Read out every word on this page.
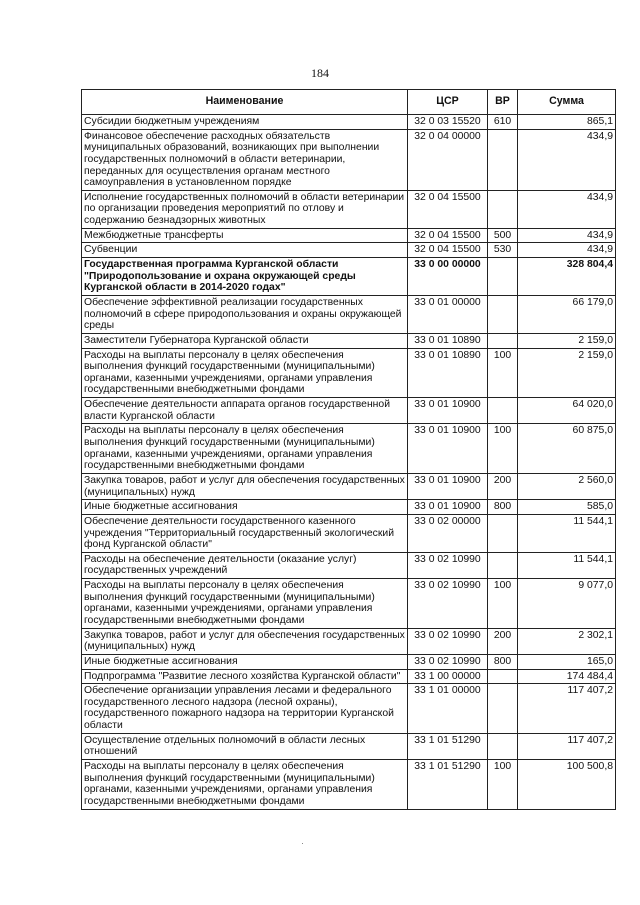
184
Наименование	ЦСР	ВР	Сумма
Субсидии бюджетным учреждениям	32 0 03 15520	610	865,1
Финансовое обеспечение расходных обязательств муниципальных образований, возникающих при выполнении государственных полномочий в области ветеринарии, переданных для осуществления органам местного самоуправления в установленном порядке	32 0 04 00000		434,9
Исполнение государственных полномочий в области ветеринарии по организации проведения мероприятий по отлову и содержанию безнадзорных животных	32 0 04 15500		434,9
Межбюджетные трансферты	32 0 04 15500	500	434,9
Субвенции	32 0 04 15500	530	434,9
Государственная программа Курганской области "Природопользование и охрана окружающей среды Курганской области в 2014-2020 годах"	33 0 00 00000		328 804,4
Обеспечение эффективной реализации государственных полномочий в сфере природопользования и охраны окружающей среды	33 0 01 00000		66 179,0
Заместители Губернатора Курганской области	33 0 01 10890		2 159,0
Расходы на выплаты персоналу в целях обеспечения выполнения функций государственными (муниципальными) органами, казенными учреждениями, органами управления государственными внебюджетными фондами	33 0 01 10890	100	2 159,0
Обеспечение деятельности аппарата органов государственной власти Курганской области	33 0 01 10900		64 020,0
Расходы на выплаты персоналу в целях обеспечения выполнения функций государственными (муниципальными) органами, казенными учреждениями, органами управления государственными внебюджетными фондами	33 0 01 10900	100	60 875,0
Закупка товаров, работ и услуг для обеспечения государственных (муниципальных) нужд	33 0 01 10900	200	2 560,0
Иные бюджетные ассигнования	33 0 01 10900	800	585,0
Обеспечение деятельности государственного казенного учреждения "Территориальный государственный экологический фонд Курганской области"	33 0 02 00000		11 544,1
Расходы на обеспечение деятельности (оказание услуг) государственных учреждений	33 0 02 10990		11 544,1
Расходы на выплаты персоналу в целях обеспечения выполнения функций государственными (муниципальными) органами, казенными учреждениями, органами управления государственными внебюджетными фондами	33 0 02 10990	100	9 077,0
Закупка товаров, работ и услуг для обеспечения государственных (муниципальных) нужд	33 0 02 10990	200	2 302,1
Иные бюджетные ассигнования	33 0 02 10990	800	165,0
Подпрограмма "Развитие лесного хозяйства Курганской области"	33 1 00 00000		174 484,4
Обеспечение организации управления лесами и федерального государственного лесного надзора (лесной охраны), государственного пожарного надзора на территории Курганской области	33 1 01 00000		117 407,2
Осуществление отдельных полномочий в области лесных отношений	33 1 01 51290		117 407,2
Расходы на выплаты персоналу в целях обеспечения выполнения функций государственными (муниципальными) органами, казенными учреждениями, органами управления государственными внебюджетными фондами	33 1 01 51290	100	100 500,8
